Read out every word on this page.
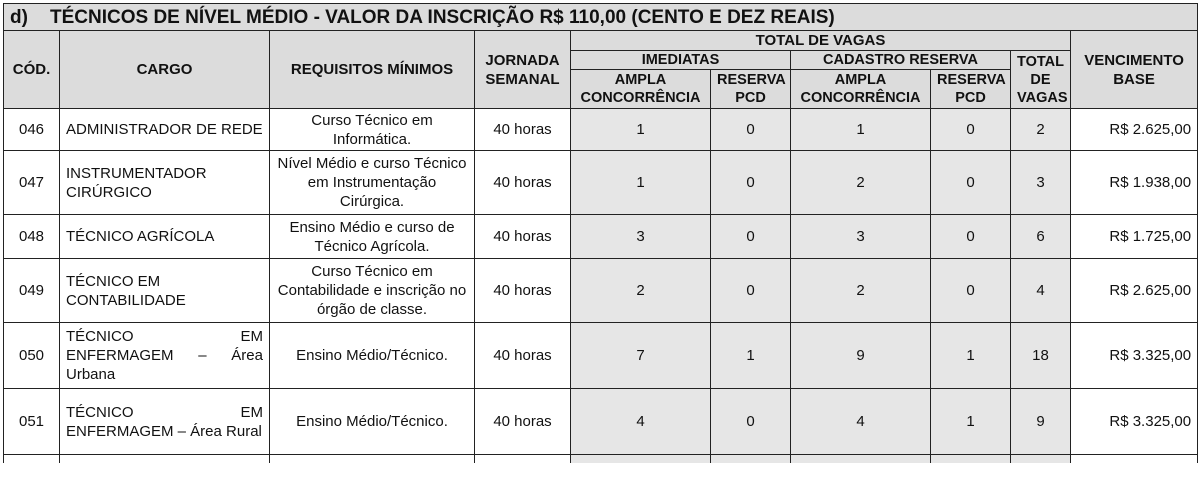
d) TÉCNICOS DE NÍVEL MÉDIO - VALOR DA INSCRIÇÃO R$ 110,00 (CENTO E DEZ REAIS)									
CÓD.	CARGO	REQUISITOS MÍNIMOS	JORNADA SEMANAL	TOTAL DE VAGAS					VENCIMENTO BASE
				IMEDIATAS		CADASTRO RESERVA		TOTAL DE VAGAS	
				AMPLA CONCORRÊNCIA	RESERVA PCD	AMPLA CONCORRÊNCIA	RESERVA PCD		
046	ADMINISTRADOR DE REDE	Curso Técnico em Informática.	40 horas	1	0	1	0	2	R$ 2.625,00
047	INSTRUMENTADOR CIRÚRGICO	Nível Médio e curso Técnico em Instrumentação Cirúrgica.	40 horas	1	0	2	0	3	R$ 1.938,00
048	TÉCNICO AGRÍCOLA	Ensino Médio e curso de Técnico Agrícola.	40 horas	3	0	3	0	6	R$ 1.725,00
049	TÉCNICO EM CONTABILIDADE	Curso Técnico em Contabilidade e inscrição no órgão de classe.	40 horas	2	0	2	0	4	R$ 2.625,00
050	TÉCNICO EM ENFERMAGEM – Área Urbana	Ensino Médio/Técnico.	40 horas	7	1	9	1	18	R$ 3.325,00
051	TÉCNICO EM ENFERMAGEM – Área Rural	Ensino Médio/Técnico.	40 horas	4	0	4	1	9	R$ 3.325,00
